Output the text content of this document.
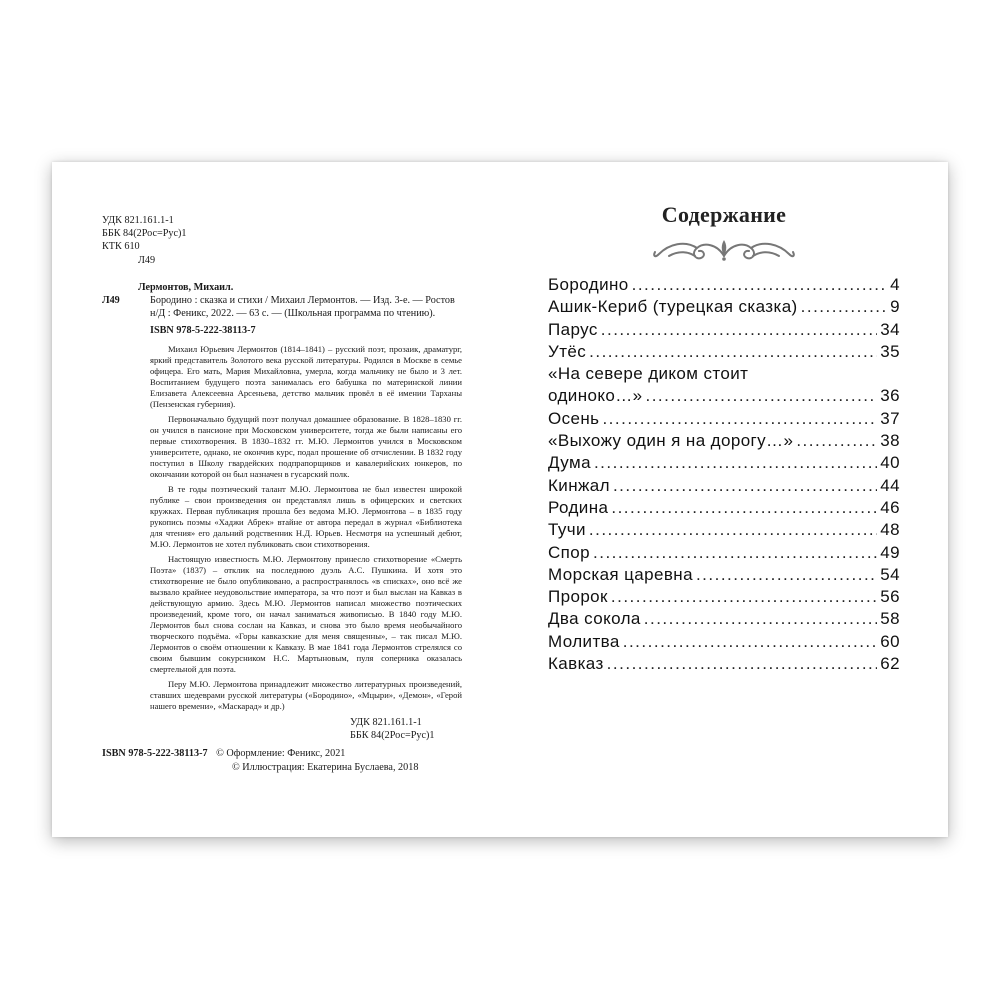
УДК 821.161.1-1
ББК 84(2Рос=Рус)1
КТК 610
Л49
Л49
Лермонтов, Михаил.
Бородино : сказка и стихи / Михаил Лермонтов. — Изд. 3-е. — Ростов н/Д : Феникс, 2022. — 63 с. — (Школьная программа по чтению).
ISBN 978-5-222-38113-7

Михаил Юрьевич Лермонтов (1814–1841) – русский поэт, прозаик, драматург, яркий представитель Золотого века русской литературы. Родился в Москве в семье офицера. Его мать, Мария Михайловна, умерла, когда мальчику не было и 3 лет. Воспитанием будущего поэта занималась его бабушка по материнской линии Елизавета Алексеевна Арсеньева, детство мальчик провёл в её имении Тарханы (Пензенская губерния).

Первоначально будущий поэт получал домашнее образование. В 1828–1830 гг. он учился в пансионе при Московском университете, тогда же были написаны его первые стихотворения. В 1830–1832 гг. М.Ю. Лермонтов учился в Московском университете, однако, не окончив курс, подал прошение об отчислении. В 1832 году поступил в Школу гвардейских подпрапорщиков и кавалерийских юнкеров, по окончании которой он был назначен в гусарский полк.

В те годы поэтический талант М.Ю. Лермонтова не был известен широкой публике – свои произведения он представлял лишь в офицерских и светских кружках. Первая публикация прошла без ведома М.Ю. Лермонтова – в 1835 году рукопись поэмы «Хаджи Абрек» втайне от автора передал в журнал «Библиотека для чтения» его дальний родственник Н.Д. Юрьев. Несмотря на успешный дебют, М.Ю. Лермонтов не хотел публиковать свои стихотворения.

Настоящую известность М.Ю. Лермонтову принесло стихотворение «Смерть Поэта» (1837) – отклик на последнюю дуэль А.С. Пушкина. И хотя это стихотворение не было опубликовано, а распространялось «в списках», оно всё же вызвало крайнее неудовольствие императора, за что поэт и был выслан на Кавказ в действующую армию. Здесь М.Ю. Лермонтов написал множество поэтических произведений, кроме того, он начал заниматься живописью. В 1840 году М.Ю. Лермонтов был снова сослан на Кавказ, и снова это было время необычайного творческого подъёма. «Горы кавказские для меня священны», – так писал М.Ю. Лермонтов о своём отношении к Кавказу. В мае 1841 года Лермонтов стрелялся со своим бывшим сокурсником Н.С. Мартыновым, пуля соперника оказалась смертельной для поэта.

Перу М.Ю. Лермонтова принадлежит множество литературных произведений, ставших шедеврами русской литературы («Бородино», «Мцыри», «Демон», «Герой нашего времени», «Маскарад» и др.)

УДК 821.161.1-1
ББК 84(2Рос=Рус)1
ISBN 978-5-222-38113-7 © Оформление: Феникс, 2021
© Иллюстрация: Екатерина Буслаева, 2018
Содержание
Бородино .....	4
Ашик-Кериб (турецкая сказка) .....	9
Парус .....	34
Утёс .....	35
«На севере диком стоит
одиноко…» .....	36
Осень .....	37
«Выхожу один я на дорогу…» .....	38
Дума .....	40
Кинжал .....	44
Родина .....	46
Тучи .....	48
Спор .....	49
Морская царевна .....	54
Пророк .....	56
Два сокола .....	58
Молитва .....	60
Кавказ .....	62
